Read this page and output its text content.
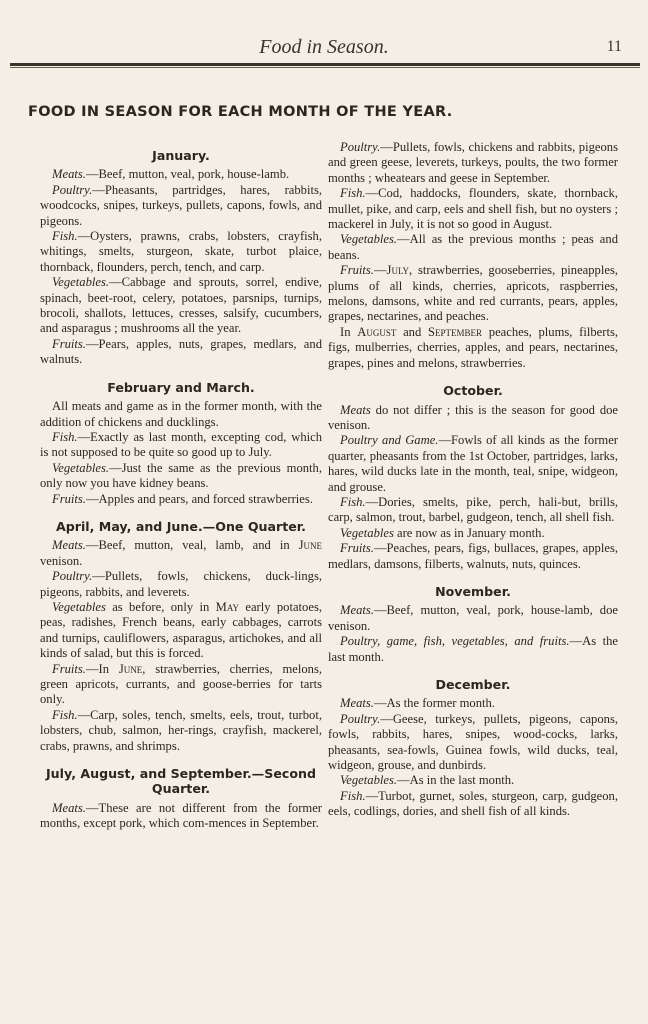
Food in Season.	11
FOOD IN SEASON FOR EACH MONTH OF THE YEAR.
January.

Meats.—Beef, mutton, veal, pork, house-lamb.

Poultry.—Pheasants, partridges, hares, rabbits, woodcocks, snipes, turkeys, pullets, capons, fowls, and pigeons.

Fish.—Oysters, prawns, crabs, lobsters, crayfish, whitings, smelts, sturgeon, skate, turbot plaice, thornback, flounders, perch, tench, and carp.

Vegetables.—Cabbage and sprouts, sorrel, endive, spinach, beet-root, celery, potatoes, parsnips, turnips, brocoli, shallots, lettuces, cresses, salsify, cucumbers, and asparagus ; mushrooms all the year.

Fruits.—Pears, apples, nuts, grapes, medlars, and walnuts.

February and March.

All meats and game as in the former month, with the addition of chickens and ducklings.

Fish.—Exactly as last month, excepting cod, which is not supposed to be quite so good up to July.

Vegetables.—Just the same as the previous month, only now you have kidney beans.

Fruits.—Apples and pears, and forced strawberries.

April, May, and June.—One Quarter.

Meats.—Beef, mutton, veal, lamb, and in June venison.

Poultry.—Pullets, fowls, chickens, duck-lings, pigeons, rabbits, and leverets.

Vegetables as before, only in May early potatoes, peas, radishes, French beans, early cabbages, carrots and turnips, cauliflowers, asparagus, artichokes, and all kinds of salad, but this is forced.

Fruits.—In June, strawberries, cherries, melons, green apricots, currants, and goose-berries for tarts only.

Fish.—Carp, soles, tench, smelts, eels, trout, turbot, lobsters, chub, salmon, her-rings, crayfish, mackerel, crabs, prawns, and shrimps.

July, August, and September.—Second Quarter.

Meats.—These are not different from the former months, except pork, which com-mences in September.

Poultry.—Pullets, fowls, chickens and rabbits, pigeons and green geese, leverets, turkeys, poults, the two former months ; wheatears and geese in September.

Fish.—Cod, haddocks, flounders, skate, thornback, mullet, pike, and carp, eels and shell fish, but no oysters ; mackerel in July, it is not so good in August.

Vegetables.—All as the previous months ; peas and beans.

Fruits.—July, strawberries, gooseberries, pineapples, plums of all kinds, cherries, apricots, raspberries, melons, damsons, white and red currants, pears, apples, grapes, nectarines, and peaches.

In August and September peaches, plums, filberts, figs, mulberries, cherries, apples, and pears, nectarines, grapes, pines and melons, strawberries.

October.

Meats do not differ ; this is the season for good doe venison.

Poultry and Game.—Fowls of all kinds as the former quarter, pheasants from the 1st October, partridges, larks, hares, wild ducks late in the month, teal, snipe, widgeon, and grouse.

Fish.—Dories, smelts, pike, perch, hali-but, brills, carp, salmon, trout, barbel, gudgeon, tench, all shell fish.

Vegetables are now as in January month.

Fruits.—Peaches, pears, figs, bullaces, grapes, apples, medlars, damsons, filberts, walnuts, nuts, quinces.

November.

Meats.—Beef, mutton, veal, pork, house-lamb, doe venison.

Poultry, game, fish, vegetables, and fruits.—As the last month.

December.

Meats.—As the former month.

Poultry.—Geese, turkeys, pullets, pigeons, capons, fowls, rabbits, hares, snipes, wood-cocks, larks, pheasants, sea-fowls, Guinea fowls, wild ducks, teal, widgeon, grouse, and dunbirds.

Vegetables.—As in the last month.

Fish.—Turbot, gurnet, soles, sturgeon, carp, gudgeon, eels, codlings, dories, and shell fish of all kinds.
